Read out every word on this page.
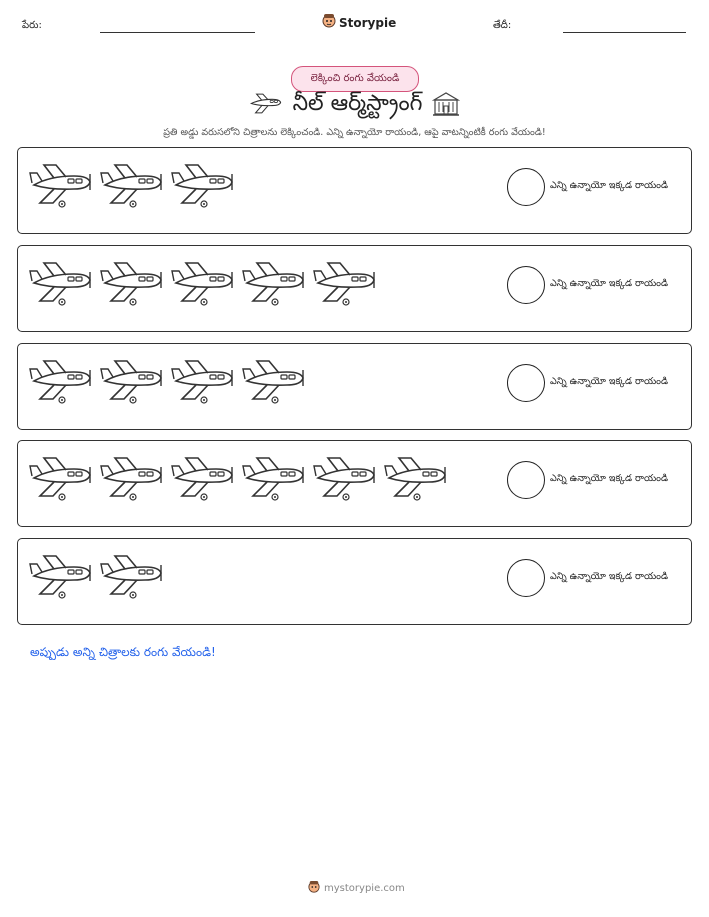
పేరు:	Storypie	తేదీ:
లెక్కించి రంగు వేయండి
నీల్ ఆర్మ్‌స్ట్రాంగ్
ప్రతి అడ్డు వరుసలోని చిత్రాలను లెక్కించండి. ఎన్ని ఉన్నాయో రాయండి, ఆపై వాటన్నింటికీ రంగు వేయండి!
ఎన్ని ఉన్నాయో ఇక్కడ రాయండి
ఎన్ని ఉన్నాయో ఇక్కడ రాయండి
ఎన్ని ఉన్నాయో ఇక్కడ రాయండి
ఎన్ని ఉన్నాయో ఇక్కడ రాయండి
ఎన్ని ఉన్నాయో ఇక్కడ రాయండి
అప్పుడు అన్ని చిత్రాలకు రంగు వేయండి!
mystorypie.com
